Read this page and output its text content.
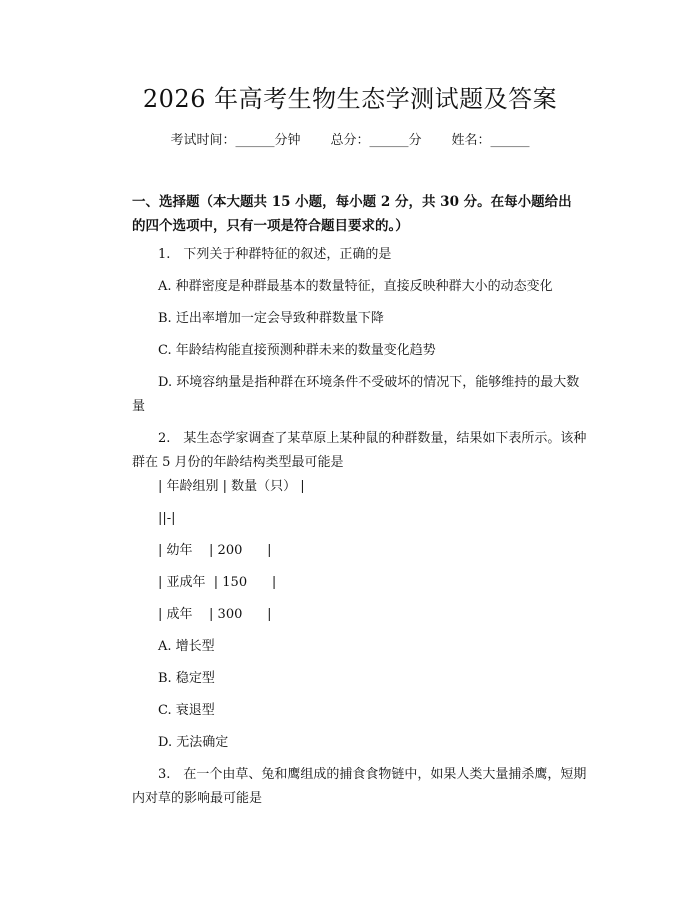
2026 年高考生物生态学测试题及答案
考试时间：______分钟 总分：______分 姓名：______
一、选择题（本大题共 15 小题，每小题 2 分，共 30 分。在每小题给出的四个选项中，只有一项是符合题目要求的。）
1.　下列关于种群特征的叙述，正确的是
A. 种群密度是种群最基本的数量特征，直接反映种群大小的动态变化
B. 迁出率增加一定会导致种群数量下降
C. 年龄结构能直接预测种群未来的数量变化趋势
D. 环境容纳量是指种群在环境条件不受破坏的情况下，能够维持的最大数量
2.　某生态学家调查了某草原上某种鼠的种群数量，结果如下表所示。该种群在 5 月份的年龄结构类型最可能是
| 年龄组别 | 数量（只） |
||-|
| 幼年    | 200      |
| 亚成年  | 150      |
| 成年    | 300      |
A. 增长型
B. 稳定型
C. 衰退型
D. 无法确定
3.　在一个由草、兔和鹰组成的捕食食物链中，如果人类大量捕杀鹰，短期内对草的影响最可能是
